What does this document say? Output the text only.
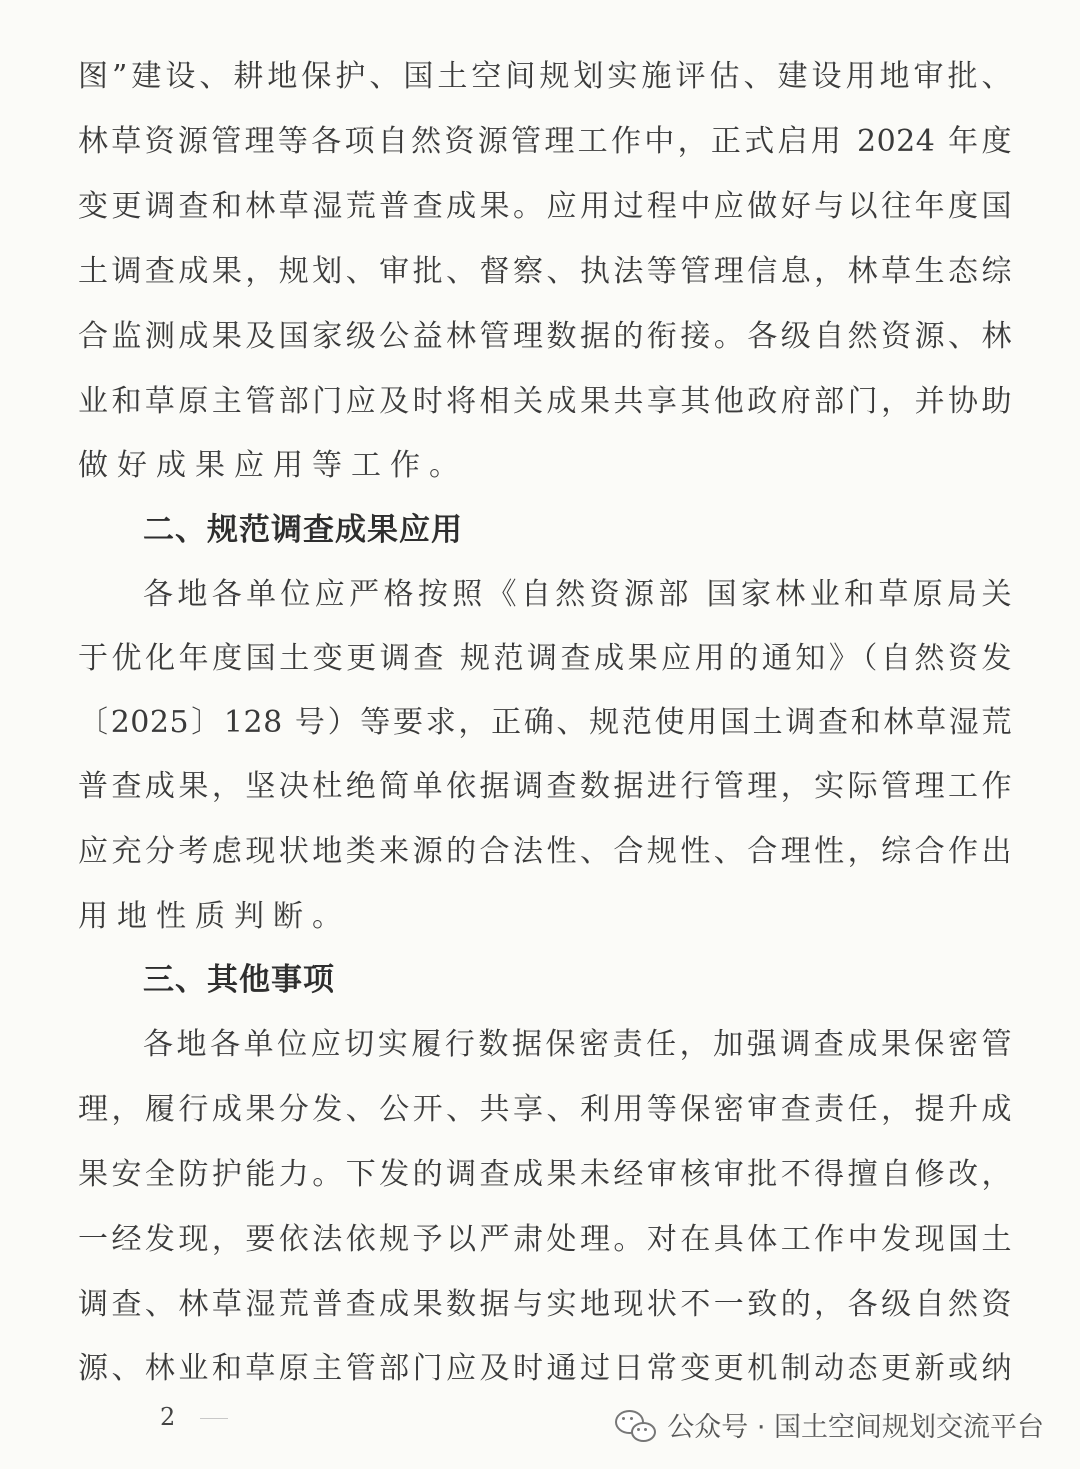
图”建设、耕地保护、国土空间规划实施评估、建设用地审批、
林草资源管理等各项自然资源管理工作中，正式启用 2024 年度
变更调查和林草湿荒普查成果。应用过程中应做好与以往年度国
土调查成果，规划、审批、督察、执法等管理信息，林草生态综
合监测成果及国家级公益林管理数据的衔接。各级自然资源、林
业和草原主管部门应及时将相关成果共享其他政府部门，并协助
做好成果应用等工作。
二、规范调查成果应用
各地各单位应严格按照《自然资源部 国家林业和草原局关
于优化年度国土变更调查 规范调查成果应用的通知》（自然资发
〔2025〕128 号）等要求，正确、规范使用国土调查和林草湿荒
普查成果，坚决杜绝简单依据调查数据进行管理，实际管理工作
应充分考虑现状地类来源的合法性、合规性、合理性，综合作出
用地性质判断。
三、其他事项
各地各单位应切实履行数据保密责任，加强调查成果保密管
理，履行成果分发、公开、共享、利用等保密审查责任，提升成
果安全防护能力。下发的调查成果未经审核审批不得擅自修改，
一经发现，要依法依规予以严肃处理。对在具体工作中发现国土
调查、林草湿荒普查成果数据与实地现状不一致的，各级自然资
源、林业和草原主管部门应及时通过日常变更机制动态更新或纳
2	公众号 · 国土空间规划交流平台
